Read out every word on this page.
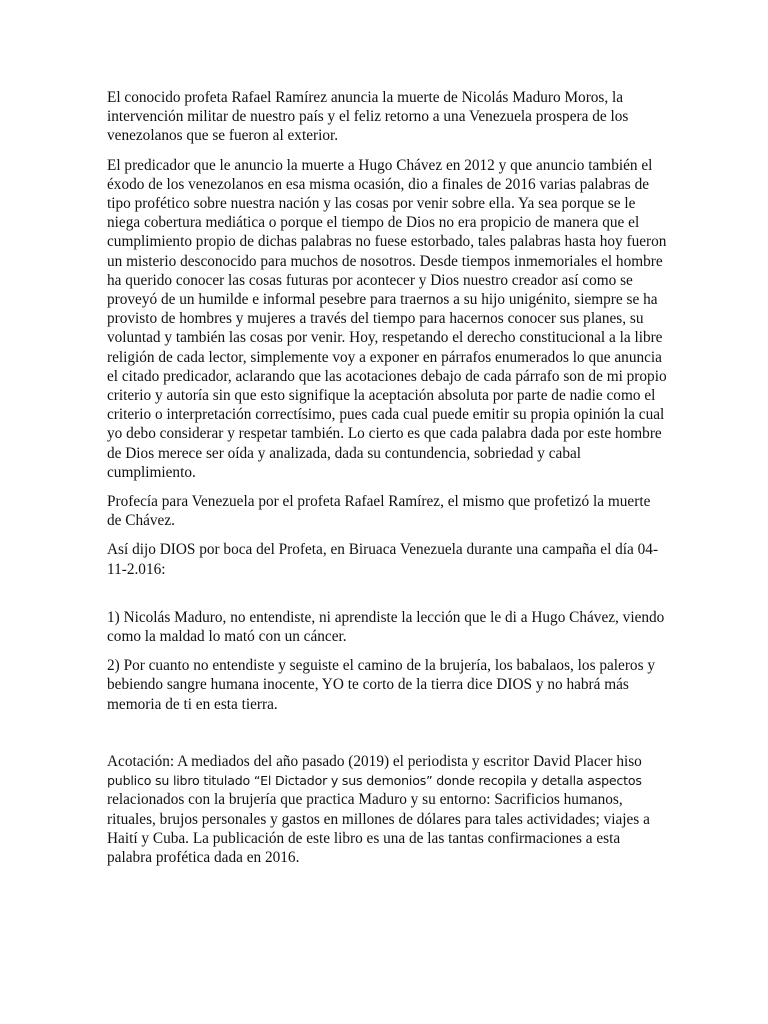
El conocido profeta Rafael Ramírez anuncia la muerte de Nicolás Maduro Moros, la intervención militar de nuestro país y el feliz retorno a una Venezuela prospera de los venezolanos que se fueron al exterior.

El predicador que le anuncio la muerte a Hugo Chávez en 2012 y que anuncio también el éxodo de los venezolanos en esa misma ocasión, dio a finales de 2016 varias palabras de tipo profético sobre nuestra nación y las cosas por venir sobre ella. Ya sea porque se le niega cobertura mediática o porque el tiempo de Dios no era propicio de manera que el cumplimiento propio de dichas palabras no fuese estorbado, tales palabras hasta hoy fueron un misterio desconocido para muchos de nosotros. Desde tiempos inmemoriales el hombre ha querido conocer las cosas futuras por acontecer y Dios nuestro creador así como se proveyó de un humilde e informal pesebre para traernos a su hijo unigénito, siempre se ha provisto de hombres y mujeres a través del tiempo para hacernos conocer sus planes, su voluntad y también las cosas por venir. Hoy, respetando el derecho constitucional a la libre religión de cada lector, simplemente voy a exponer en párrafos enumerados lo que anuncia el citado predicador, aclarando que las acotaciones debajo de cada párrafo son de mi propio criterio y autoría sin que esto signifique la aceptación absoluta por parte de nadie como el criterio o interpretación correctísimo, pues cada cual puede emitir su propia opinión la cual yo debo considerar y respetar también. Lo cierto es que cada palabra dada por este hombre de Dios merece ser oída y analizada, dada su contundencia, sobriedad y cabal cumplimiento.

Profecía para Venezuela por el profeta Rafael Ramírez, el mismo que profetizó la muerte de Chávez.

Así dijo DIOS por boca del Profeta, en Biruaca Venezuela durante una campaña el día 04-11-2.016:

1) Nicolás Maduro, no entendiste, ni aprendiste la lección que le di a Hugo Chávez, viendo como la maldad lo mató con un cáncer.

2) Por cuanto no entendiste y seguiste el camino de la brujería, los babalaos, los paleros y bebiendo sangre humana inocente, YO te corto de la tierra dice DIOS y no habrá más memoria de ti en esta tierra.

Acotación: A mediados del año pasado (2019) el periodista y escritor David Placer hiso
publico su libro titulado “El Dictador y sus demonios” donde recopila y detalla aspectos
relacionados con la brujería que practica Maduro y su entorno: Sacrificios humanos, rituales, brujos personales y gastos en millones de dólares para tales actividades; viajes a Haití y Cuba. La publicación de este libro es una de las tantas confirmaciones a esta palabra profética dada en 2016.
